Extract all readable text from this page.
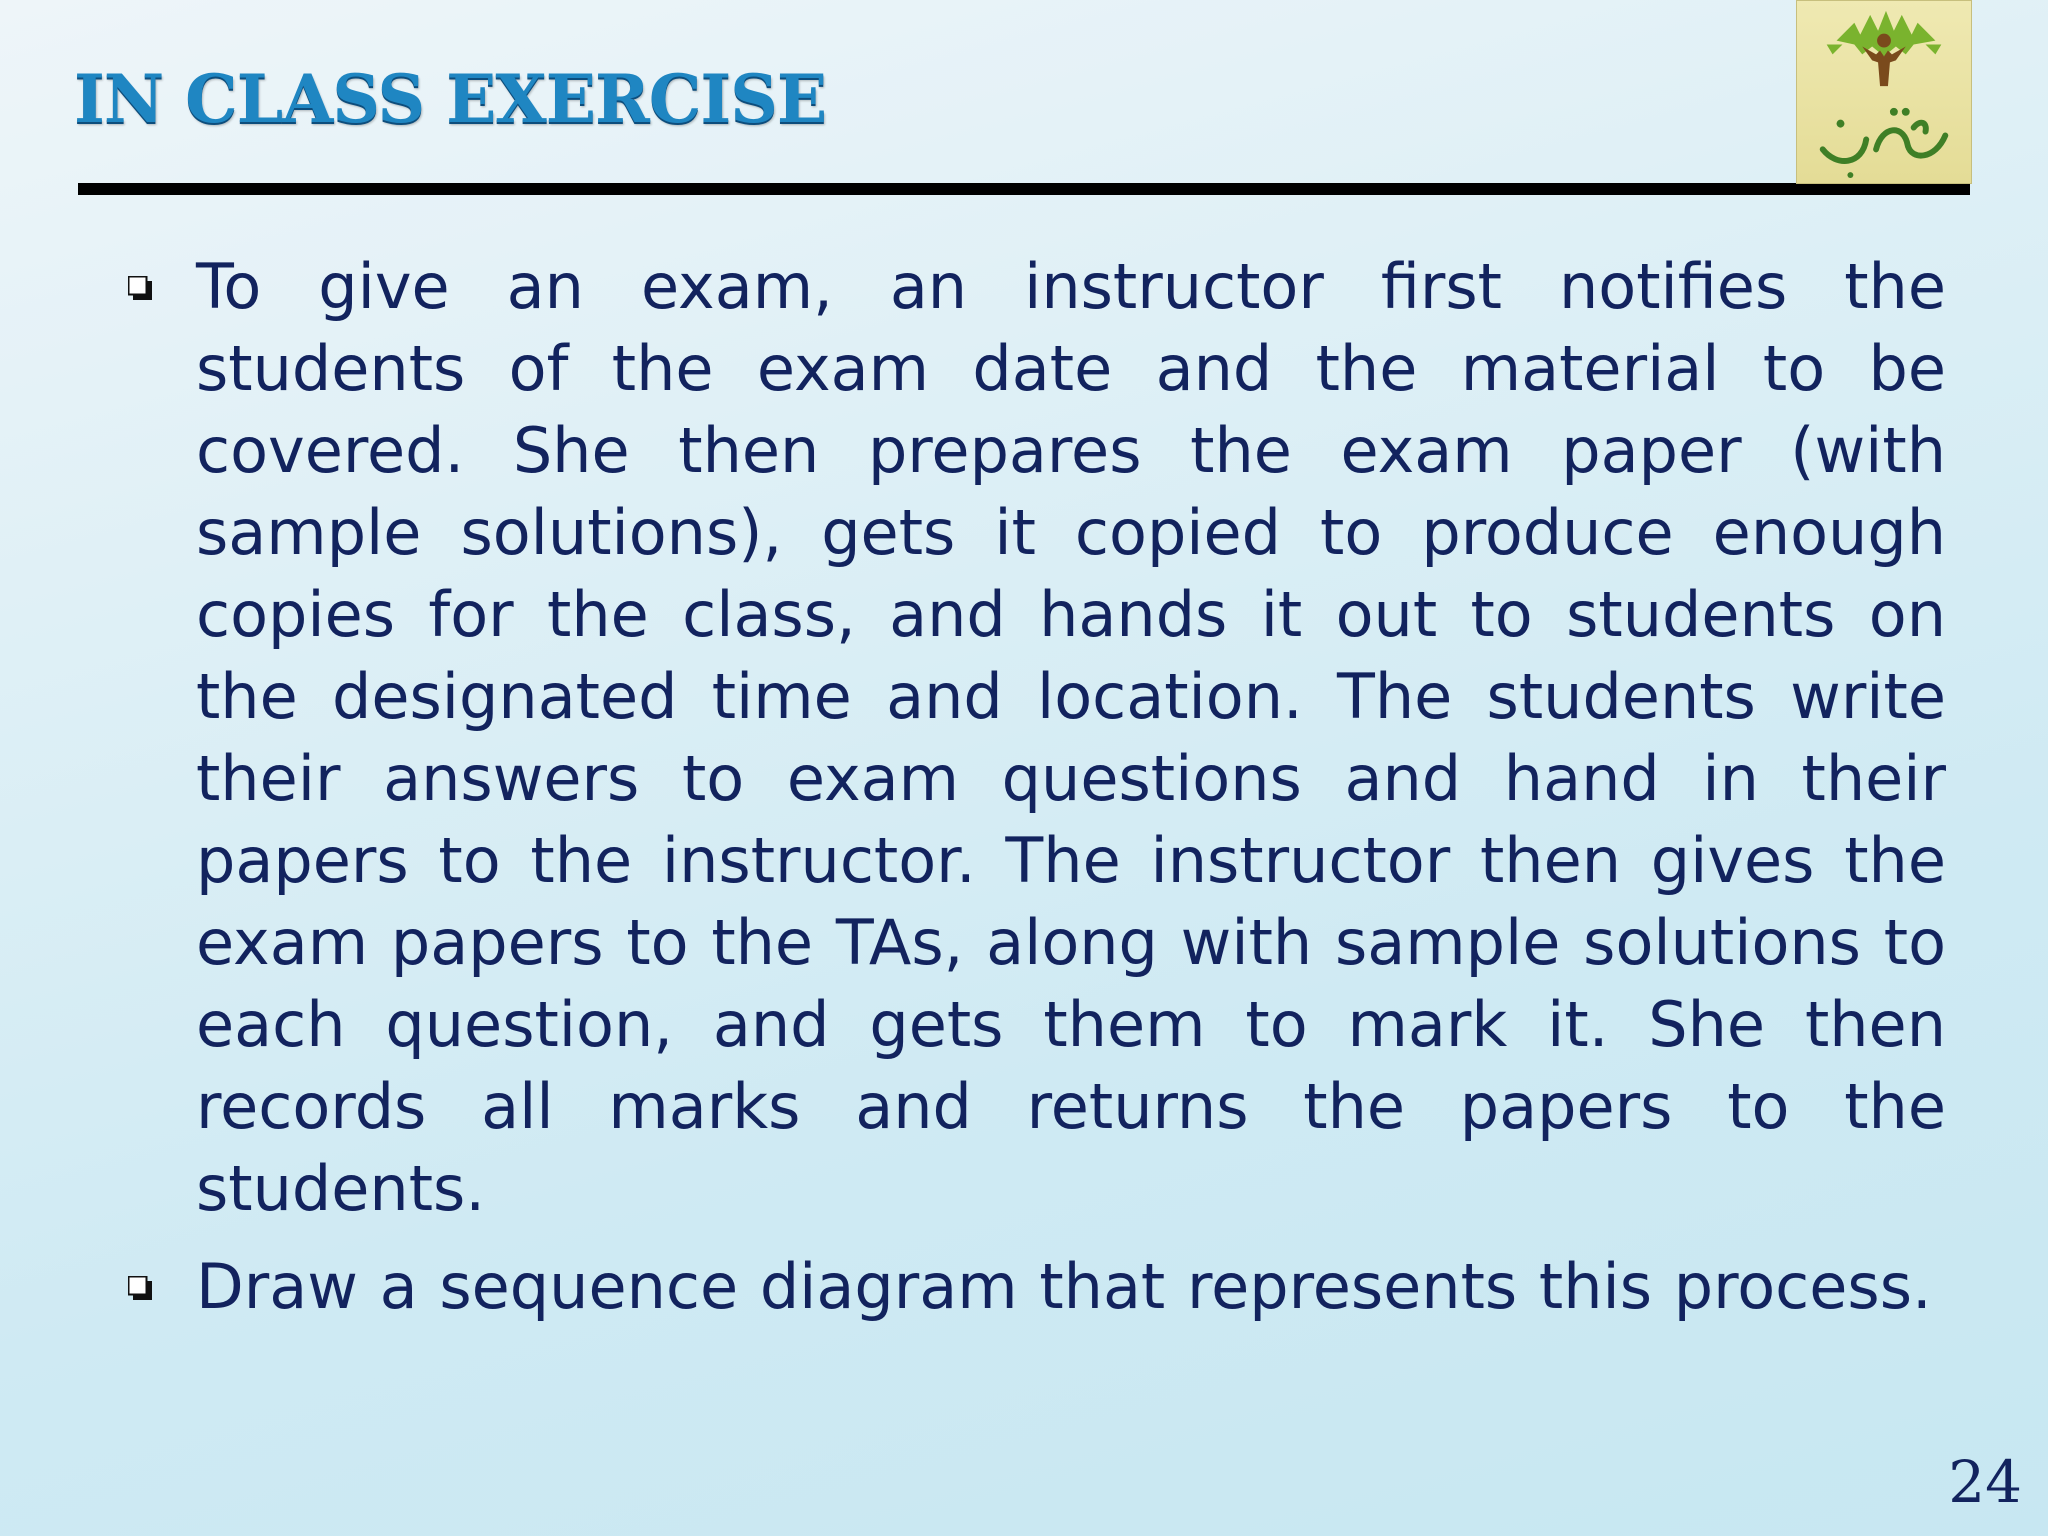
IN CLASS EXERCISE
To give an exam, an instructor first notifies the students of the exam date and the material to be covered. She then prepares the exam paper (with sample solutions), gets it copied to produce enough copies for the class, and hands it out to students on the designated time and location. The students write their answers to exam questions and hand in their papers to the instructor. The instructor then gives the exam papers to the TAs, along with sample solutions to each question, and gets them to mark it. She then records all marks and returns the papers to the students.
Draw a sequence diagram that represents this process.
24
